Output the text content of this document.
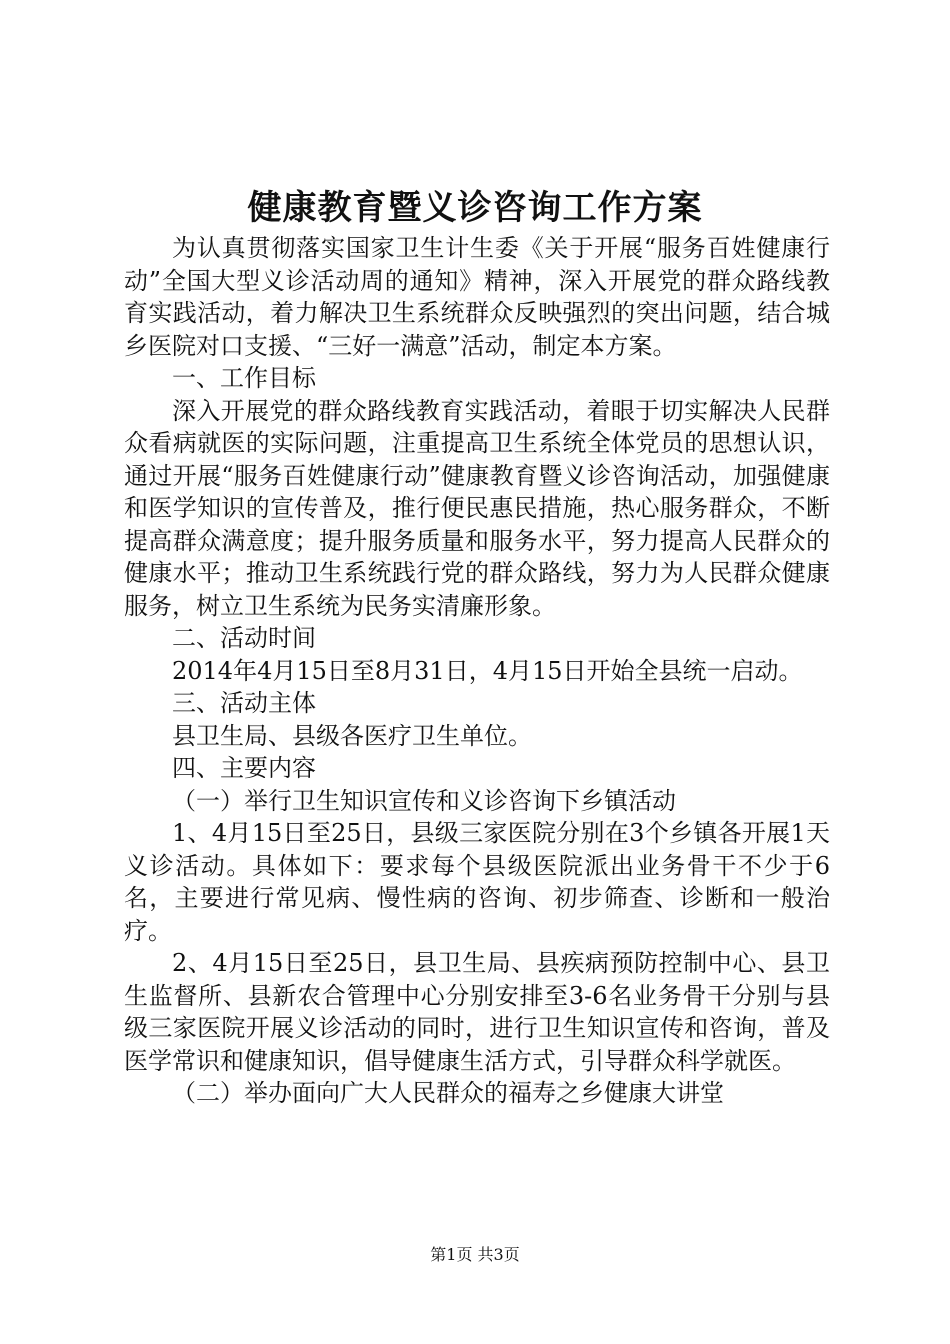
健康教育暨义诊咨询工作方案

为认真贯彻落实国家卫生计生委《关于开展“服务百姓健康行动”全国大型义诊活动周的通知》精神，深入开展党的群众路线教育实践活动，着力解决卫生系统群众反映强烈的突出问题，结合城乡医院对口支援、“三好一满意”活动，制定本方案。

一、工作目标

深入开展党的群众路线教育实践活动，着眼于切实解决人民群众看病就医的实际问题，注重提高卫生系统全体党员的思想认识，通过开展“服务百姓健康行动”健康教育暨义诊咨询活动，加强健康和医学知识的宣传普及，推行便民惠民措施，热心服务群众，不断提高群众满意度；提升服务质量和服务水平，努力提高人民群众的健康水平；推动卫生系统践行党的群众路线，努力为人民群众健康服务，树立卫生系统为民务实清廉形象。

二、活动时间

2014年4月15日至8月31日，4月15日开始全县统一启动。

三、活动主体

县卫生局、县级各医疗卫生单位。

四、主要内容

（一）举行卫生知识宣传和义诊咨询下乡镇活动

1、4月15日至25日，县级三家医院分别在3个乡镇各开展1天义诊活动。具体如下：要求每个县级医院派出业务骨干不少于6名，主要进行常见病、慢性病的咨询、初步筛查、诊断和一般治疗。

2、4月15日至25日，县卫生局、县疾病预防控制中心、县卫生监督所、县新农合管理中心分别安排至3-6名业务骨干分别与县级三家医院开展义诊活动的同时，进行卫生知识宣传和咨询，普及医学常识和健康知识，倡导健康生活方式，引导群众科学就医。

（二）举办面向广大人民群众的福寿之乡健康大讲堂

第1页 共3页
